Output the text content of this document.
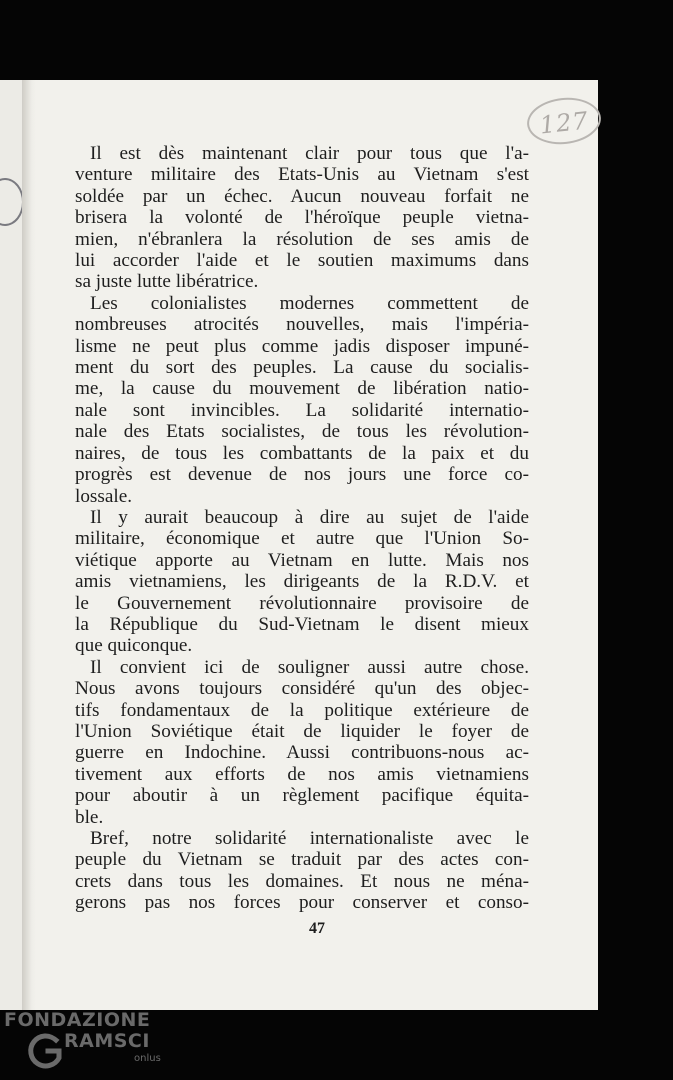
127
Il est dès maintenant clair pour tous que l'a-
venture militaire des Etats-Unis au Vietnam s'est
soldée par un échec. Aucun nouveau forfait ne
brisera la volonté de l'héroïque peuple vietna-
mien, n'ébranlera la résolution de ses amis de
lui accorder l'aide et le soutien maximums dans
sa juste lutte libératrice.
Les colonialistes modernes commettent de
nombreuses atrocités nouvelles, mais l'impéria-
lisme ne peut plus comme jadis disposer impuné-
ment du sort des peuples. La cause du socialis-
me, la cause du mouvement de libération natio-
nale sont invincibles. La solidarité internatio-
nale des Etats socialistes, de tous les révolution-
naires, de tous les combattants de la paix et du
progrès est devenue de nos jours une force co-
lossale.
Il y aurait beaucoup à dire au sujet de l'aide
militaire, économique et autre que l'Union So-
viétique apporte au Vietnam en lutte. Mais nos
amis vietnamiens, les dirigeants de la R.D.V. et
le Gouvernement révolutionnaire provisoire de
la République du Sud-Vietnam le disent mieux
que quiconque.
Il convient ici de souligner aussi autre chose.
Nous avons toujours considéré qu'un des objec-
tifs fondamentaux de la politique extérieure de
l'Union Soviétique était de liquider le foyer de
guerre en Indochine. Aussi contribuons-nous ac-
tivement aux efforts de nos amis vietnamiens
pour aboutir à un règlement pacifique équita-
ble.
Bref, notre solidarité internationaliste avec le
peuple du Vietnam se traduit par des actes con-
crets dans tous les domaines. Et nous ne ména-
gerons pas nos forces pour conserver et conso-
47
FONDAZIONE
RAMSCI
onlus
